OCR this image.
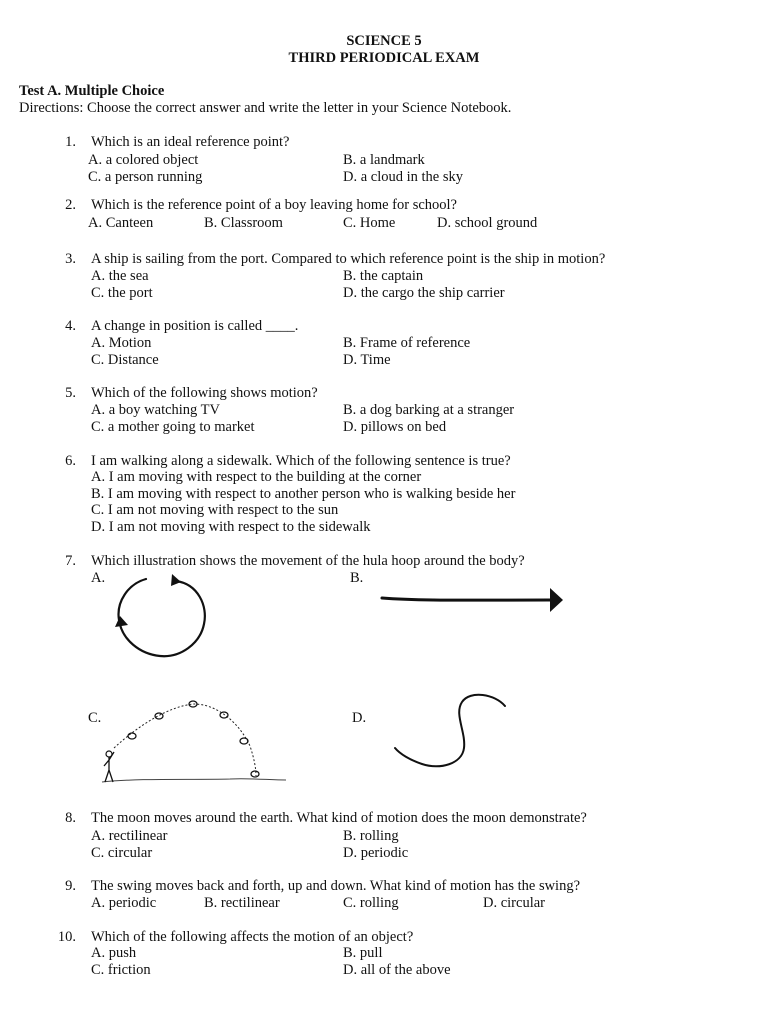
SCIENCE 5
THIRD PERIODICAL EXAM
Test A. Multiple Choice
Directions: Choose the correct answer and write the letter in your Science Notebook.
1. Which is an ideal reference point?
A. a colored object	B. a landmark
C. a person running	D. a cloud in the sky
2. Which is the reference point of a boy leaving home for school?
A. Canteen	B. Classroom	C. Home	D. school ground
3. A ship is sailing from the port. Compared to which reference point is the ship in motion?
A. the sea	B. the captain
C. the port	D. the cargo the ship carrier
4. A change in position is called ____.
A. Motion	B. Frame of reference
C. Distance	D. Time
5. Which of the following shows motion?
A. a boy watching TV	B. a dog barking at a stranger
C. a mother going to market	D. pillows on bed
6. I am walking along a sidewalk. Which of the following sentence is true?
A. I am moving with respect to the building at the corner
B. I am moving with respect to another person who is walking beside her
C. I am not moving with respect to the sun
D. I am not moving with respect to the sidewalk
7. Which illustration shows the movement of the hula hoop around the body?
A.	B.
C.	D.
8. The moon moves around the earth. What kind of motion does the moon demonstrate?
A. rectilinear	B. rolling
C. circular	D. periodic
9. The swing moves back and forth, up and down. What kind of motion has the swing?
A. periodic	B. rectilinear	C. rolling	D. circular
10. Which of the following affects the motion of an object?
A. push	B. pull
C. friction	D. all of the above
